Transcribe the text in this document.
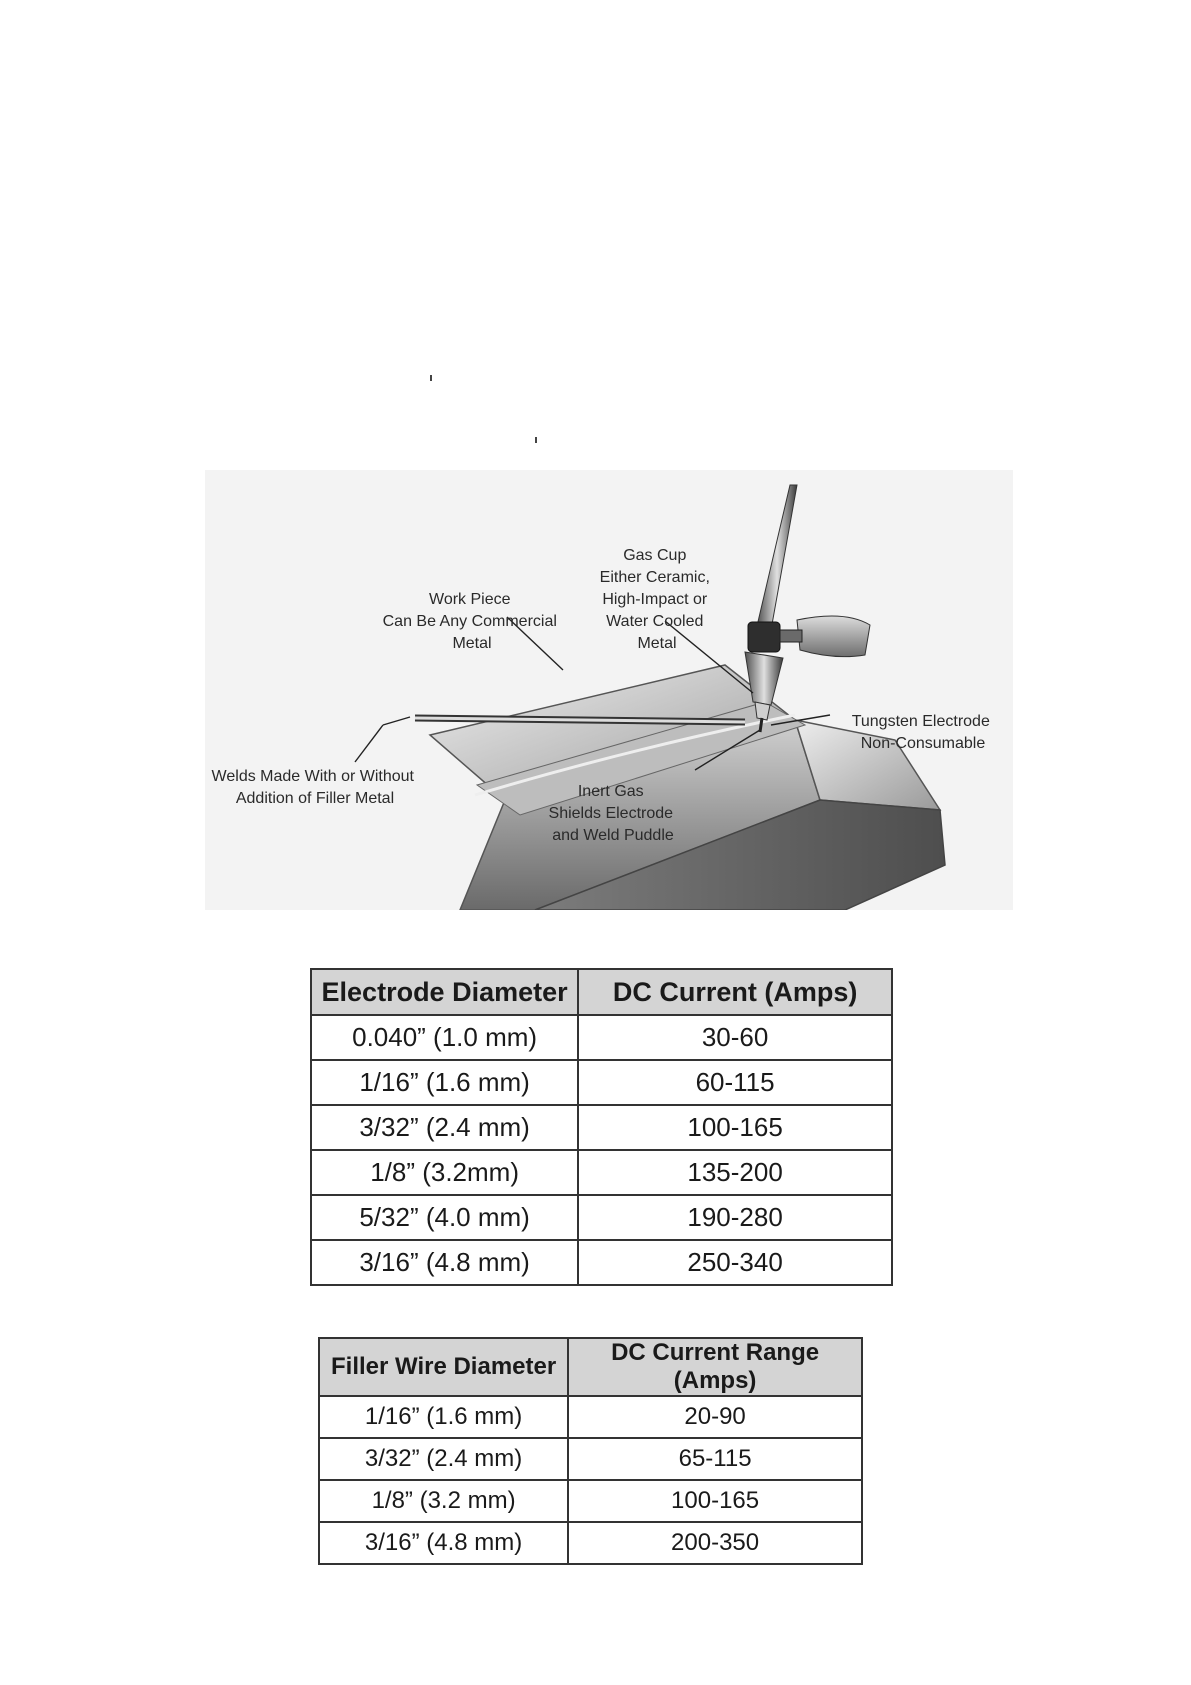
Gas Cup Either Ceramic, High-Impact or Water Cooled Metal
Work Piece Can Be Any Commercial Metal
Tungsten Electrode Non-Consumable
Welds Made With or Without Addition of Filler Metal	Inert Gas Shields Electrode and Weld Puddle
Electrode Diameter	DC Current (Amps)
0.040” (1.0 mm)	30-60
1/16” (1.6 mm)	60-115
3/32” (2.4 mm)	100-165
1/8” (3.2mm)	135-200
5/32” (4.0 mm)	190-280
3/16” (4.8 mm)	250-340
Filler Wire Diameter	DC Current Range (Amps)
1/16” (1.6 mm)	20-90
3/32” (2.4 mm)	65-115
1/8” (3.2 mm)	100-165
3/16” (4.8 mm)	200-350
